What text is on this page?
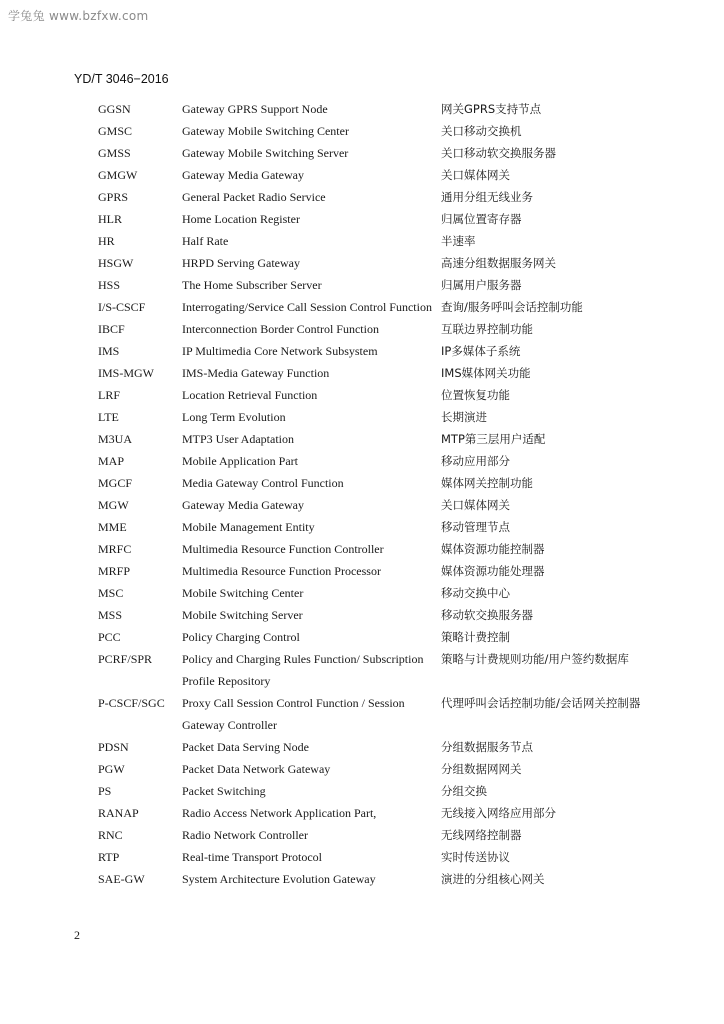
学兔兔 www.bzfxw.com
YD/T 3046−2016
GGSN	Gateway GPRS Support Node	网关GPRS支持节点
GMSC	Gateway Mobile Switching Center	关口移动交换机
GMSS	Gateway Mobile Switching Server	关口移动软交换服务器
GMGW	Gateway Media Gateway	关口媒体网关
GPRS	General Packet Radio Service	通用分组无线业务
HLR	Home Location Register	归属位置寄存器
HR	Half Rate	半速率
HSGW	HRPD Serving Gateway	高速分组数据服务网关
HSS	The Home Subscriber Server	归属用户服务器
I/S-CSCF	Interrogating/Service Call Session Control Function 查询/服务呼叫会话控制功能
IBCF	Interconnection Border Control Function	互联边界控制功能
IMS	IP Multimedia Core Network Subsystem	IP多媒体子系统
IMS-MGW	IMS-Media Gateway Function	IMS媒体网关功能
LRF	Location Retrieval Function	位置恢复功能
LTE	Long Term Evolution	长期演进
M3UA	MTP3 User Adaptation	MTP第三层用户适配
MAP	Mobile Application Part	移动应用部分
MGCF	Media Gateway Control Function	媒体网关控制功能
MGW	Gateway Media Gateway	关口媒体网关
MME	Mobile Management Entity	移动管理节点
MRFC	Multimedia Resource Function Controller	媒体资源功能控制器
MRFP	Multimedia Resource Function Processor	媒体资源功能处理器
MSC	Mobile Switching Center	移动交换中心
MSS	Mobile Switching Server	移动软交换服务器
PCC	Policy Charging Control	策略计费控制
PCRF/SPR	Policy and Charging Rules Function/ Subscription Profile Repository
策略与计费规则功能/用户签约数据库
P-CSCF/SGC	Proxy Call Session Control Function / Session Gateway Controller
代理呼叫会话控制功能/会话网关控制器
PDSN	Packet Data Serving Node	分组数据服务节点
PGW	Packet Data Network Gateway	分组数据网网关
PS	Packet Switching	分组交换
RANAP	Radio Access Network Application Part,	无线接入网络应用部分
RNC	Radio Network Controller	无线网络控制器
RTP	Real-time Transport Protocol	实时传送协议
SAE-GW	System Architecture Evolution Gateway	演进的分组核心网关
2
